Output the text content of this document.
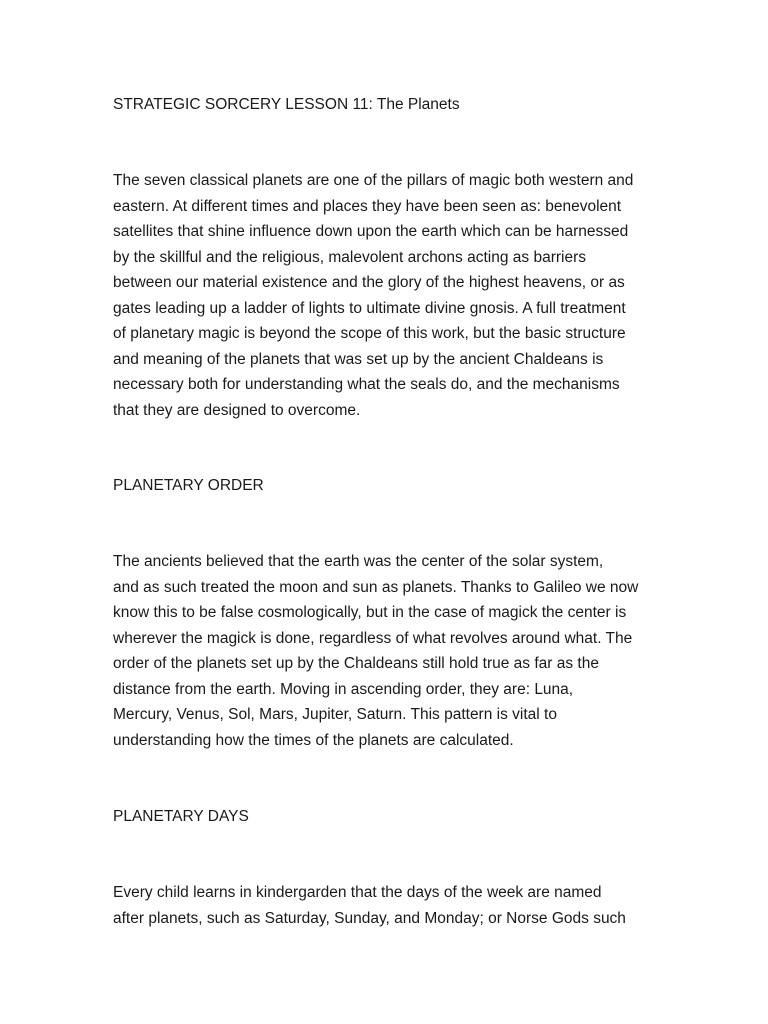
STRATEGIC SORCERY LESSON 11: The Planets
The seven classical planets are one of the pillars of magic both western and
eastern. At different times and places they have been seen as: benevolent
satellites that shine influence down upon the earth which can be harnessed
by the skillful and the religious, malevolent archons acting as barriers
between our material existence and the glory of the highest heavens, or as
gates leading up a ladder of lights to ultimate divine gnosis. A full treatment
of planetary magic is beyond the scope of this work, but the basic structure
and meaning of the planets that was set up by the ancient Chaldeans is
necessary both for understanding what the seals do, and the mechanisms
that they are designed to overcome.
PLANETARY ORDER
The ancients believed that the earth was the center of the solar system,
and as such treated the moon and sun as planets. Thanks to Galileo we now
know this to be false cosmologically, but in the case of magick the center is
wherever the magick is done, regardless of what revolves around what. The
order of the planets set up by the Chaldeans still hold true as far as the
distance from the earth. Moving in ascending order, they are: Luna,
Mercury, Venus, Sol, Mars, Jupiter, Saturn. This pattern is vital to
understanding how the times of the planets are calculated.
PLANETARY DAYS
Every child learns in kindergarden that the days of the week are named
after planets, such as Saturday, Sunday, and Monday; or Norse Gods such
